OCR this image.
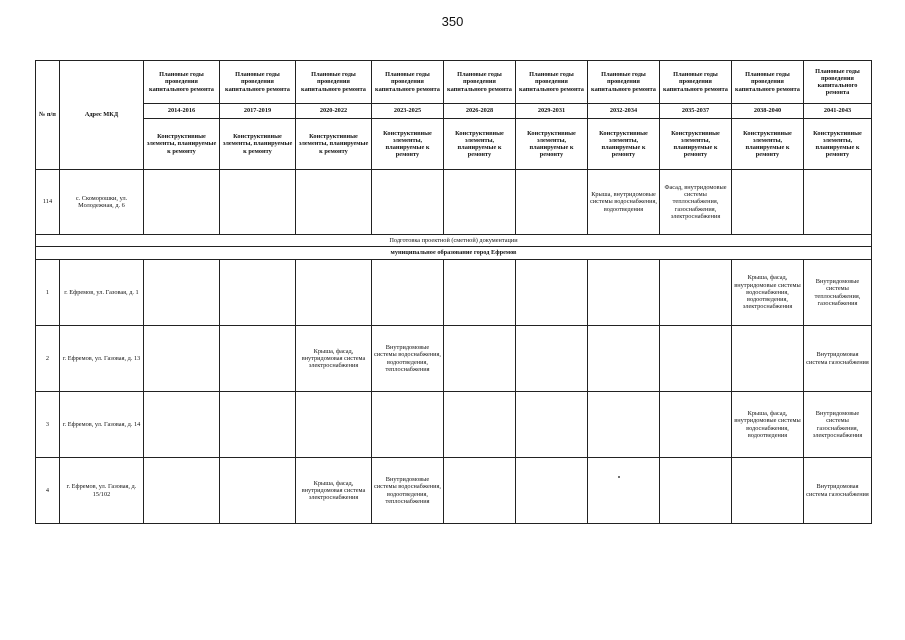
350
№ п/п	Адрес МКД	Плановые годы проведения капитального ремонта	Плановые годы проведения капитального ремонта	Плановые годы проведения капитального ремонта	Плановые годы проведения капитального ремонта	Плановые годы проведения капитального ремонта	Плановые годы проведения капитального ремонта	Плановые годы проведения капитального ремонта	Плановые годы проведения капитального ремонта	Плановые годы проведения капитального ремонта	Плановые годы проведения капитального ремонта
		2014-2016	2017-2019	2020-2022	2023-2025	2026-2028	2029-2031	2032-2034	2035-2037	2038-2040	2041-2043
		Конструктивные элементы, планируемые к ремонту	Конструктивные элементы, планируемые к ремонту	Конструктивные элементы, планируемые к ремонту	Конструктивные элементы, планируемые к ремонту	Конструктивные элементы, планируемые к ремонту	Конструктивные элементы, планируемые к ремонту	Конструктивные элементы, планируемые к ремонту	Конструктивные элементы, планируемые к ремонту	Конструктивные элементы, планируемые к ремонту	Конструктивные элементы, планируемые к ремонту
114	с. Скоморошки, ул. Молодежная, д. 6							Крыша, внутридомовые системы водоснабжения, водоотведения	Фасад, внутридомовые системы теплоснабжения, газоснабжения, электроснабжения		
Подготовка проектной (сметной) документации											
муниципальное образование город Ефремов											
1	г. Ефремов, ул. Газовая, д. 1									Крыша, фасад, внутридомовые системы водоснабжения, водоотведения, электроснабжения	Внутридомовые системы теплоснабжения, газоснабжения
2	г. Ефремов, ул. Газовая, д. 13			Крыша, фасад, внутридомовая система электроснабжения	Внутридомовые системы водоснабжения, водоотведения, теплоснабжения						Внутридомовая система газоснабжения
3	г. Ефремов, ул. Газовая, д. 14									Крыша, фасад, внутридомовые системы водоснабжения, водоотведения	Внутридомовые системы газоснабжения, электроснабжения
4	г. Ефремов, ул. Газовая, д. 15/102			Крыша, фасад, внутридомовая система электроснабжения	Внутридомовые системы водоснабжения, водоотведения, теплоснабжения						Внутридомовая система газоснабжения
